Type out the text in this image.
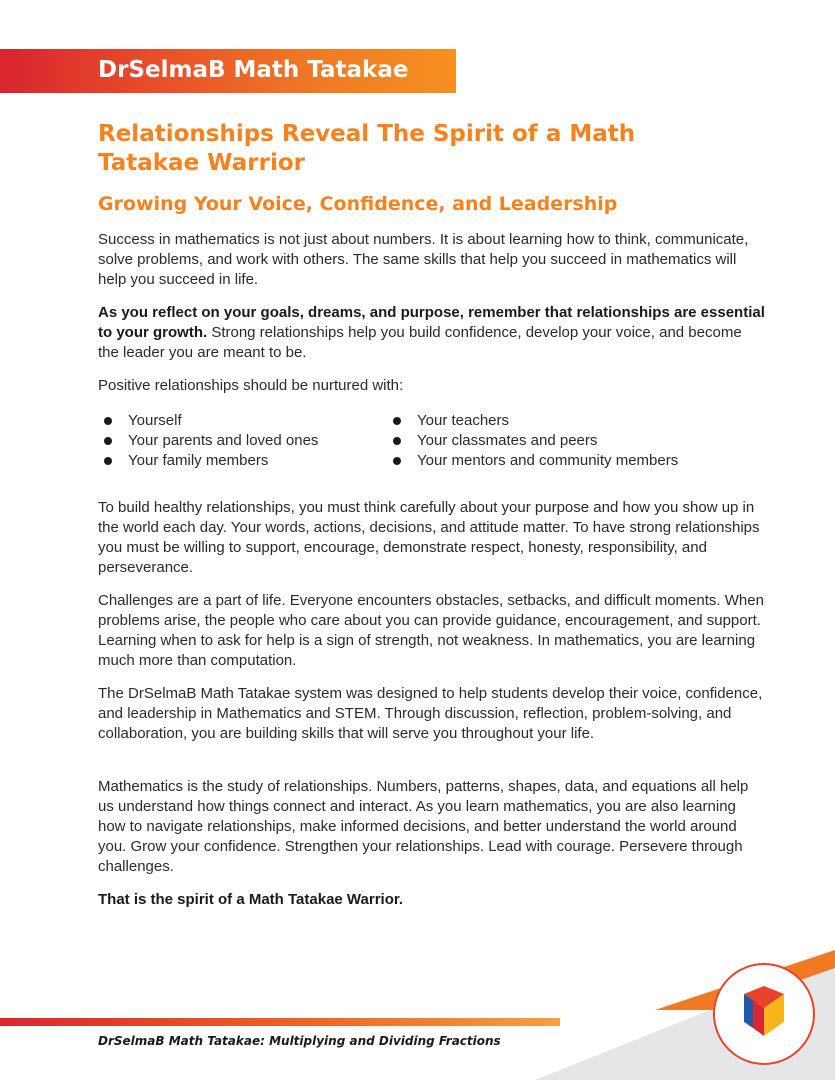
DrSelmaB Math Tatakae
Relationships Reveal The Spirit of a Math Tatakae Warrior
Growing Your Voice, Confidence, and Leadership

Success in mathematics is not just about numbers. It is about learning how to think, communicate, solve problems, and work with others. The same skills that help you succeed in mathematics will help you succeed in life.

As you reflect on your goals, dreams, and purpose, remember that relationships are essential to your growth. Strong relationships help you build confidence, develop your voice, and become the leader you are meant to be.

Positive relationships should be nurtured with:

Yourself
Your parents and loved ones
Your family members
Your teachers
Your classmates and peers
Your mentors and community members

To build healthy relationships, you must think carefully about your purpose and how you show up in the world each day. Your words, actions, decisions, and attitude matter. To have strong relationships you must be willing to support, encourage, demonstrate respect, honesty, responsibility, and perseverance.

Challenges are a part of life. Everyone encounters obstacles, setbacks, and difficult moments. When problems arise, the people who care about you can provide guidance, encouragement, and support. Learning when to ask for help is a sign of strength, not weakness. In mathematics, you are learning much more than computation.

The DrSelmaB Math Tatakae system was designed to help students develop their voice, confidence, and leadership in Mathematics and STEM. Through discussion, reflection, problem-solving, and collaboration, you are building skills that will serve you throughout your life.

Mathematics is the study of relationships. Numbers, patterns, shapes, data, and equations all help us understand how things connect and interact. As you learn mathematics, you are also learning how to navigate relationships, make informed decisions, and better understand the world around you. Grow your confidence. Strengthen your relationships. Lead with courage. Persevere through challenges.

That is the spirit of a Math Tatakae Warrior.

DrSelmaB Math Tatakae: Multiplying and Dividing Fractions
